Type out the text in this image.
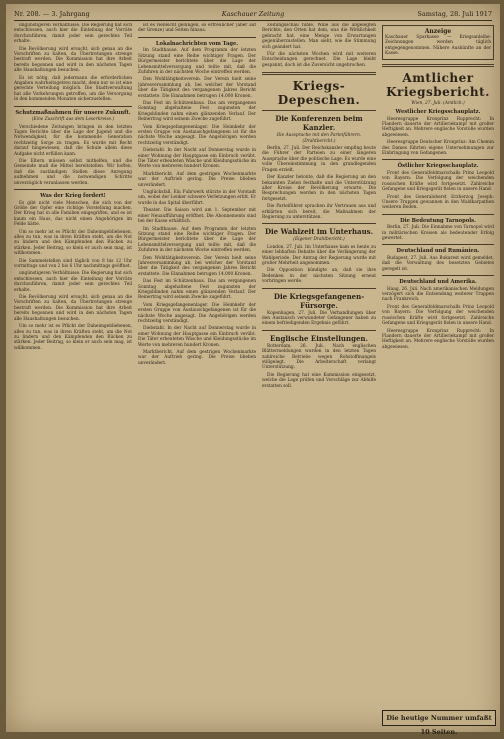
Nr. 208. — 3. Jahrgang	Kaschauer Zeitung	Samstag, 28. Juli 1917

ungünstigeren Verhältnisse. Die Regierung hat sich entschlossen, auch hier die Einteilung der Vorräte durchzuführen, damit jeder sein gerechtes Teil erhalte.

Die Bevölkerung wird ersucht, sich genau an die Vorschriften zu halten, da Übertretungen strenge bestraft werden. Die Kommission hat ihre Arbeit bereits begonnen und wird in den nächsten Tagen alle Haushaltungen besuchen.

Es ist nötig, daß jedermann die erforderlichen Angaben wahrheitsgetreu macht, denn nur so ist eine gerechte Verteilung möglich. Die Stadtverwaltung hat alle Vorkehrungen getroffen, um die Versorgung in den kommenden Monaten sicherzustellen.

Schutzmaßnahmen für unsere Zukunft.
(Eine Zuschrift aus dem Leserkreise.)

Verschiedene Zeitungen bringen in den letzten Tagen Berichte über die Lage der Jugend und die Notwendigkeit, für die kommende Generation rechtzeitig Sorge zu tragen. Es wurde mit Recht darauf hingewiesen, daß die Schule allein diese Aufgabe nicht erfüllen kann.

Die Eltern müssen selbst mithelfen, und die Gemeinde muß die Mittel bereitstellen. Wir hoffen, daß die zuständigen Stellen diese Anregung aufnehmen und die notwendigen Schritte unverzüglich veranlassen werden.

Was der Krieg fordert!

Es gibt nicht viele Menschen, die sich von der Größe der Opfer eine richtige Vorstellung machen. Der Krieg hat in alle Familien eingegriffen, und es ist kaum ein Haus, das nicht einen Angehörigen im Felde hätte.

Um so mehr ist es Pflicht der Daheimgebliebenen, alles zu tun, was in ihren Kräften steht, um die Not zu lindern und den Kämpfenden den Rücken zu stärken. Jeder Beitrag, so klein er auch sein mag, ist willkommen.

Die Sammelstellen sind täglich von 8 bis 12 Uhr vormittags und von 2 bis 6 Uhr nachmittags geöffnet.

ungünstigeren Verhältnisse. Die Regierung hat sich entschlossen, auch hier die Einteilung der Vorräte durchzuführen, damit jeder sein gerechtes Teil erhalte.

Die Bevölkerung wird ersucht, sich genau an die Vorschriften zu halten, da Übertretungen strenge bestraft werden. Die Kommission hat ihre Arbeit bereits begonnen und wird in den nächsten Tagen alle Haushaltungen besuchen.

Um so mehr ist es Pflicht der Daheimgebliebenen, alles zu tun, was in ihren Kräften steht, um die Not zu lindern und den Kämpfenden den Rücken zu stärken. Jeder Beitrag, so klein er auch sein mag, ist willkommen.

ist es vielleicht gelungen, so erfreulicher (aber auf der Grenze) und Seiten hinaus.

Lokalnachrichten vom Tage.

Im Stadthause. Auf dem Programm der letzten Sitzung stand eine Reihe wichtiger Fragen. Der Bürgermeister berichtete über die Lage der Lebensmittelversorgung und teilte mit, daß die Zufuhren in der nächsten Woche eintreffen werden.

Den Wohltätigkeitsverein. Der Verein hielt seine Jahresversammlung ab, bei welcher der Vorstand über die Tätigkeit des vergangenen Jahres Bericht erstattete. Die Einnahmen betrugen 14.000 Kronen.

Das Fest im Schützenhaus. Das am vergangenen Sonntag abgehaltene Fest zugunsten der Kriegsblinden nahm einen glänzenden Verlauf. Der Reinertrag wird seinem Zwecke zugeführt.

Vom Kriegsgefangenenlager. Die Heimkehr der ersten Gruppe von Austauschgefangenen ist für die nächste Woche angesagt. Die Angehörigen werden rechtzeitig verständigt.

Diebstahl. In der Nacht auf Donnerstag wurde in einer Wohnung der Hauptgasse ein Einbruch verübt. Die Täter erbeuteten Wäsche und Kleidungsstücke im Werte von mehreren hundert Kronen.

Marktbericht. Auf dem gestrigen Wochenmarkte war der Auftrieb gering. Die Preise blieben unverändert.

Unglücksfall. Ein Fuhrwerk stürzte in der Vorstadt um, wobei der Lenker schwere Verletzungen erlitt. Er wurde in das Spital überführt.

Theater. Die Saison wird am 1. September mit einer Neuaufführung eröffnet. Die Abonnements sind bei der Kasse erhältlich.

Im Stadthause. Auf dem Programm der letzten Sitzung stand eine Reihe wichtiger Fragen. Der Bürgermeister berichtete über die Lage der Lebensmittelversorgung und teilte mit, daß die Zufuhren in der nächsten Woche eintreffen werden.

Den Wohltätigkeitsverein. Der Verein hielt seine Jahresversammlung ab, bei welcher der Vorstand über die Tätigkeit des vergangenen Jahres Bericht erstattete. Die Einnahmen betrugen 14.000 Kronen.

Das Fest im Schützenhaus. Das am vergangenen Sonntag abgehaltene Fest zugunsten der Kriegsblinden nahm einen glänzenden Verlauf. Der Reinertrag wird seinem Zwecke zugeführt.

Vom Kriegsgefangenenlager. Die Heimkehr der ersten Gruppe von Austauschgefangenen ist für die nächste Woche angesagt. Die Angehörigen werden rechtzeitig verständigt.

Diebstahl. In der Nacht auf Donnerstag wurde in einer Wohnung der Hauptgasse ein Einbruch verübt. Die Täter erbeuteten Wäsche und Kleidungsstücke im Werte von mehreren hundert Kronen.

Marktbericht. Auf dem gestrigen Wochenmarkte war der Auftrieb gering. Die Preise blieben unverändert.

Zeitungsschau fühle, Wille aus die abgelegten Berichte, den Orten hat dem, was die Wirklichkeit gebracht hat, eine Menge von Erwartungen gegenüberzustellen. Man sieht, wie die Stimmung sich geändert hat.

Für die nächsten Wochen wird mit weiteren Entscheidungen gerechnet. Die Lage bleibt gespannt, doch ist die Zuversicht ungebrochen.

Kriegs-Depeschen.
Die Konferenzen beim Kanzler.
Die Aussprache mit den Parteiführern. (Drahtbericht.)

Berlin, 27. Juli. Der Reichskanzler empfing heute die Führer der Parteien zu einer längeren Aussprache über die politische Lage. Es wurde eine volle Übereinstimmung in den grundlegenden Fragen erzielt.

Der Kanzler betonte, daß die Regierung an den bekannten Zielen festhalte und die Unterstützung aller Kreise der Bevölkerung erwarte. Die Besprechungen werden in den nächsten Tagen fortgesetzt.

Die Parteiführer sprachen ihr Vertrauen aus und erklärten sich bereit, die Maßnahmen der Regierung zu unterstützen.

Die Wahlzeit im Unterhaus.
(Eigener Drahtbericht.)

London, 27. Juli. Im Unterhause kam es heute zu einer lebhaften Debatte über die Verlängerung der Wahlperiode. Der Antrag der Regierung wurde mit großer Mehrheit angenommen.

Die Opposition kündigte an, daß sie ihre Bedenken in der nächsten Sitzung erneut vorbringen werde.

Die Kriegsgefangenen-Fürsorge.

Kopenhagen, 27. Juli. Die Verhandlungen über den Austausch verwundeter Gefangener haben zu einem befriedigenden Ergebnis geführt.

Englische Einstellungen.

Rotterdam, 26. Juli. Nach englischen Blättermeldungen wurden in den letzten Tagen zahlreiche Betriebe wegen Rohstoffmangels stillgelegt. Die Arbeiterschaft verlangt Unterstützung.

Die Regierung hat eine Kommission eingesetzt, welche die Lage prüfen und Vorschläge zur Abhilfe erstatten soll.

Anzeige
Kaschauer Sparkasse — Kriegsanleihe-Zeichnungen werden täglich entgegengenommen. Nähere Auskünfte an der Kasse.
Amtlicher Kriegsbericht.
Wien, 27. Juli. (Amtlich.)
Westlicher Kriegsschauplatz.

Heeresgruppe Kronprinz Rupprecht: In Flandern dauerte der Artilleriekampf mit großer Heftigkeit an. Mehrere englische Vorstöße wurden abgewiesen.

Heeresgruppe Deutscher Kronprinz: Am Chemin des Dames führten eigene Unternehmungen zur Einbringung von Gefangenen.

Östlicher Kriegsschauplatz.

Front des Generalfeldmarschalls Prinz Leopold von Bayern: Die Verfolgung der weichenden russischen Kräfte wird fortgesetzt. Zahlreiche Gefangene und Kriegsgerät fielen in unsere Hand.

Front des Generaloberst Erzherzog Joseph: Unsere Truppen gewannen in den Waldkarpathen weiteren Boden.

Die Bedeutung Tarnopols.

Berlin, 27. Juli. Die Einnahme von Tarnopol wird in militärischen Kreisen als bedeutender Erfolg gewertet.

Deutschland und Rumänien.

Budapest, 27. Juli. Aus Bukarest wird gemeldet, daß die Verwaltung des besetzten Gebietes geregelt ist.

Deutschland und Amerika.

Haag, 26. Juli. Nach amerikanischen Meldungen verzögert sich die Entsendung weiterer Truppen nach Frankreich.

Front des Generalfeldmarschalls Prinz Leopold von Bayern: Die Verfolgung der weichenden russischen Kräfte wird fortgesetzt. Zahlreiche Gefangene und Kriegsgerät fielen in unsere Hand.

Heeresgruppe Kronprinz Rupprecht: In Flandern dauerte der Artilleriekampf mit großer Heftigkeit an. Mehrere englische Vorstöße wurden abgewiesen.

Die heutige Nummer umfaßt 10 Seiten.
